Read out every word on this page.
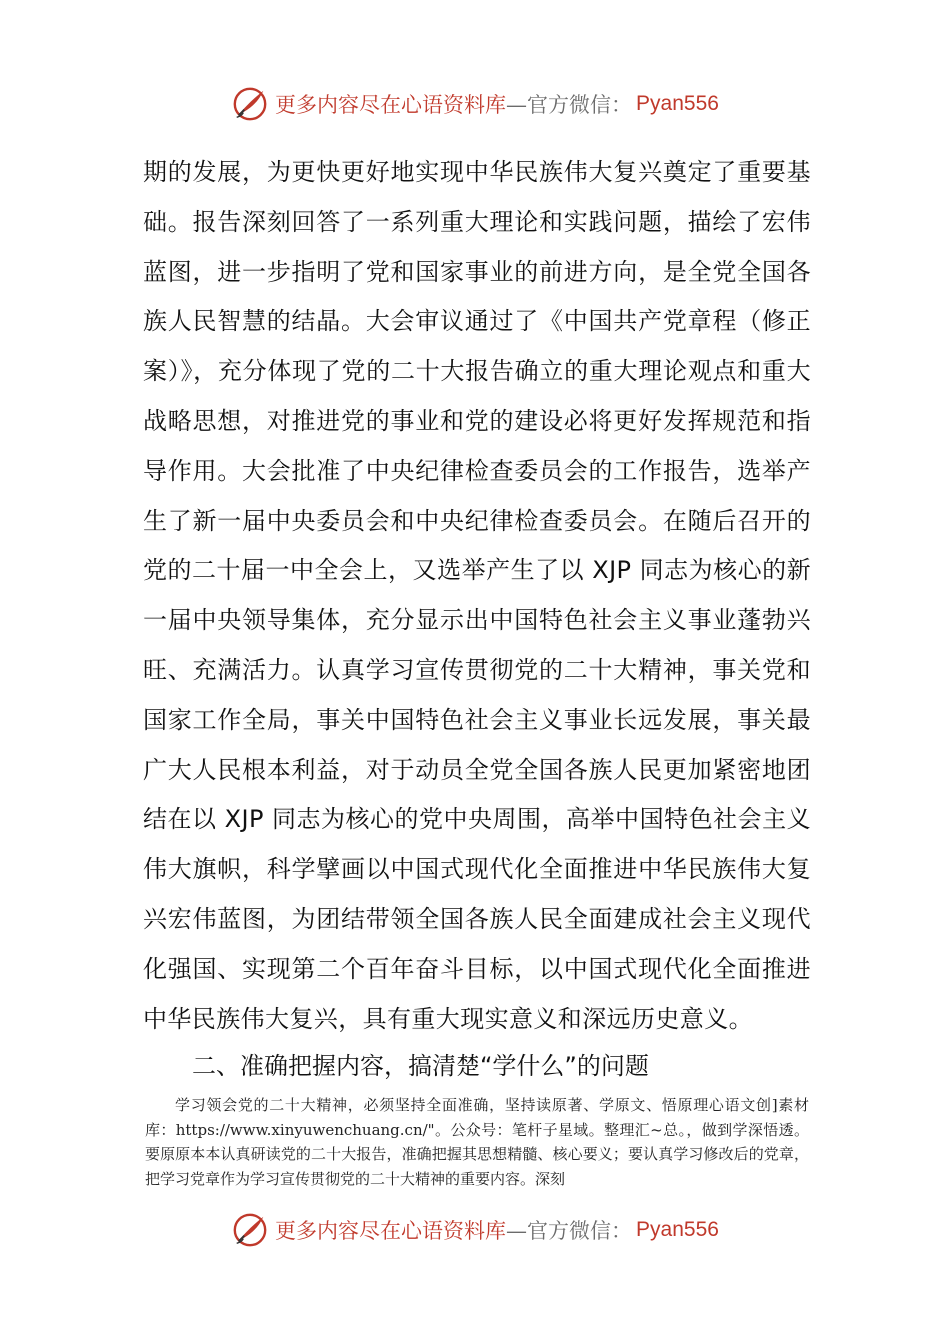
更多内容尽在心语资料库 —官方微信： Pyan556

期的发展，为更快更好地实现中华民族伟大复兴奠定了重要基础。报告深刻回答了一系列重大理论和实践问题，描绘了宏伟蓝图，进一步指明了党和国家事业的前进方向，是全党全国各族人民智慧的结晶。大会审议通过了《中国共产党章程（修正案）》，充分体现了党的二十大报告确立的重大理论观点和重大战略思想，对推进党的事业和党的建设必将更好发挥规范和指导作用。大会批准了中央纪律检查委员会的工作报告，选举产生了新一届中央委员会和中央纪律检查委员会。在随后召开的党的二十届一中全会上，又选举产生了以 XJP 同志为核心的新一届中央领导集体，充分显示出中国特色社会主义事业蓬勃兴旺、充满活力。认真学习宣传贯彻党的二十大精神，事关党和国家工作全局，事关中国特色社会主义事业长远发展，事关最广大人民根本利益，对于动员全党全国各族人民更加紧密地团结在以 XJP 同志为核心的党中央周围，高举中国特色社会主义伟大旗帜，科学擘画以中国式现代化全面推进中华民族伟大复兴宏伟蓝图，为团结带领全国各族人民全面建成社会主义现代化强国、实现第二个百年奋斗目标，以中国式现代化全面推进中华民族伟大复兴，具有重大现实意义和深远历史意义。

二、准确把握内容，搞清楚“学什么”的问题

学习领会党的二十大精神，必须坚持全面准确，坚持读原著、学原文、悟原理心语文创]素材库：https://www.xinyuwenchuang.cn/"。公众号：笔杆子星域。整理汇~总。，做到学深悟透。要原原本本认真研读党的二十大报告，准确把握其思想精髓、核心要义；要认真学习修改后的党章，把学习党章作为学习宣传贯彻党的二十大精神的重要内容。深刻

更多内容尽在心语资料库 —官方微信： Pyan556
